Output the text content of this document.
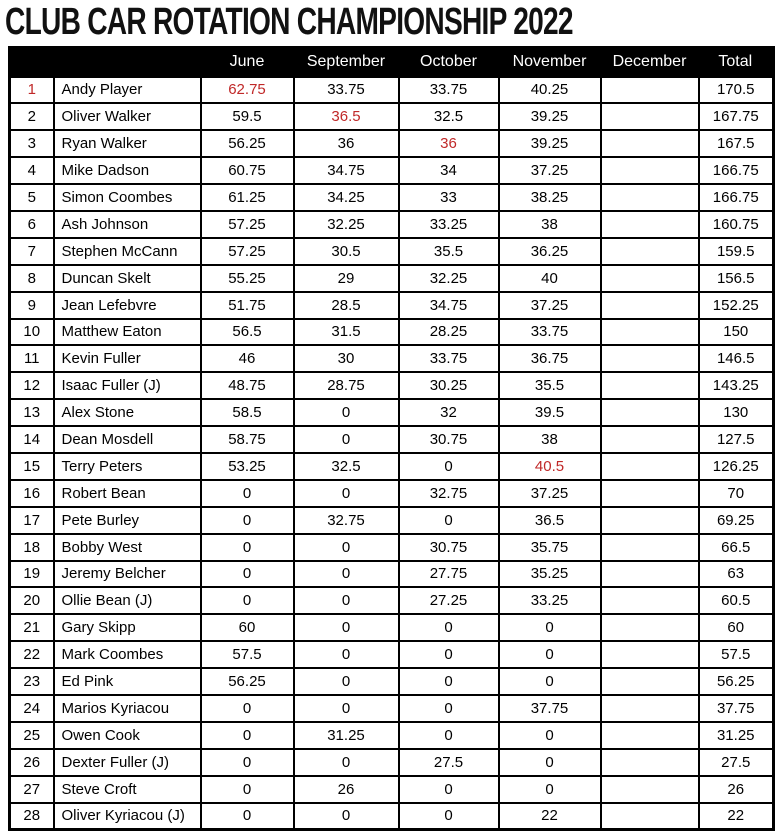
CLUB CAR ROTATION CHAMPIONSHIP 2022
		June	September	October	November	December	Total
1	Andy Player	62.75	33.75	33.75	40.25		170.5
2	Oliver Walker	59.5	36.5	32.5	39.25		167.75
3	Ryan Walker	56.25	36	36	39.25		167.5
4	Mike Dadson	60.75	34.75	34	37.25		166.75
5	Simon Coombes	61.25	34.25	33	38.25		166.75
6	Ash Johnson	57.25	32.25	33.25	38		160.75
7	Stephen McCann	57.25	30.5	35.5	36.25		159.5
8	Duncan Skelt	55.25	29	32.25	40		156.5
9	Jean Lefebvre	51.75	28.5	34.75	37.25		152.25
10	Matthew Eaton	56.5	31.5	28.25	33.75		150
11	Kevin Fuller	46	30	33.75	36.75		146.5
12	Isaac Fuller (J)	48.75	28.75	30.25	35.5		143.25
13	Alex Stone	58.5	0	32	39.5		130
14	Dean Mosdell	58.75	0	30.75	38		127.5
15	Terry Peters	53.25	32.5	0	40.5		126.25
16	Robert Bean	0	0	32.75	37.25		70
17	Pete Burley	0	32.75	0	36.5		69.25
18	Bobby West	0	0	30.75	35.75		66.5
19	Jeremy Belcher	0	0	27.75	35.25		63
20	Ollie Bean (J)	0	0	27.25	33.25		60.5
21	Gary Skipp	60	0	0	0		60
22	Mark Coombes	57.5	0	0	0		57.5
23	Ed Pink	56.25	0	0	0		56.25
24	Marios Kyriacou	0	0	0	37.75		37.75
25	Owen Cook	0	31.25	0	0		31.25
26	Dexter Fuller (J)	0	0	27.5	0		27.5
27	Steve Croft	0	26	0	0		26
28	Oliver Kyriacou (J)	0	0	0	22		22
